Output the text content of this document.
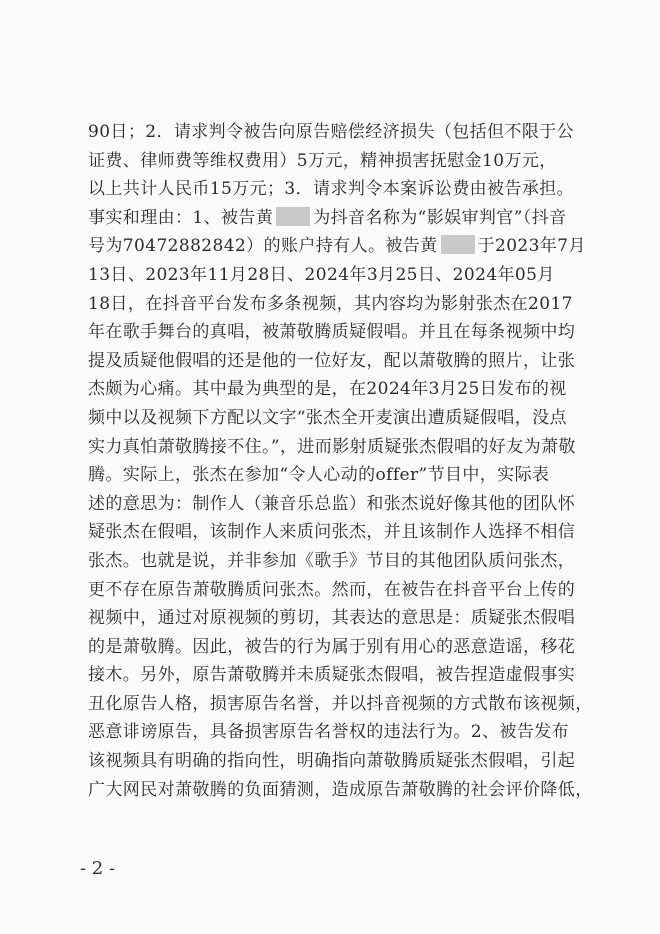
90日；2．请求判令被告向原告赔偿经济损失（包括但不限于公
证费、律师费等维权费用）5万元，精神损害抚慰金10万元，
以上共计人民币15万元；3．请求判令本案诉讼费由被告承担。
事实和理由：1、被告黄 为抖音名称为“影娱审判官”（抖音
号为70472882842）的账户持有人。被告黄 于2023年7月
13日、2023年11月28日、2024年3月25日、2024年05月
18日，在抖音平台发布多条视频，其内容均为影射张杰在2017
年在歌手舞台的真唱，被萧敬腾质疑假唱。并且在每条视频中均
提及质疑他假唱的还是他的一位好友，配以萧敬腾的照片，让张
杰颇为心痛。其中最为典型的是，在2024年3月25日发布的视
频中以及视频下方配以文字“张杰全开麦演出遭质疑假唱，没点
实力真怕萧敬腾接不住。”，进而影射质疑张杰假唱的好友为萧敬
腾。实际上，张杰在参加“令人心动的offer”节目中，实际表
述的意思为：制作人（兼音乐总监）和张杰说好像其他的团队怀
疑张杰在假唱，该制作人来质问张杰，并且该制作人选择不相信
张杰。也就是说，并非参加《歌手》节目的其他团队质问张杰，
更不存在原告萧敬腾质问张杰。然而，在被告在抖音平台上传的
视频中，通过对原视频的剪切，其表达的意思是：质疑张杰假唱
的是萧敬腾。因此，被告的行为属于别有用心的恶意造谣，移花
接木。另外，原告萧敬腾并未质疑张杰假唱，被告捏造虚假事实
丑化原告人格，损害原告名誉，并以抖音视频的方式散布该视频，
恶意诽谤原告，具备损害原告名誉权的违法行为。2、被告发布
该视频具有明确的指向性，明确指向萧敬腾质疑张杰假唱，引起
广大网民对萧敬腾的负面猜测，造成原告萧敬腾的社会评价降低，
- 2 -
